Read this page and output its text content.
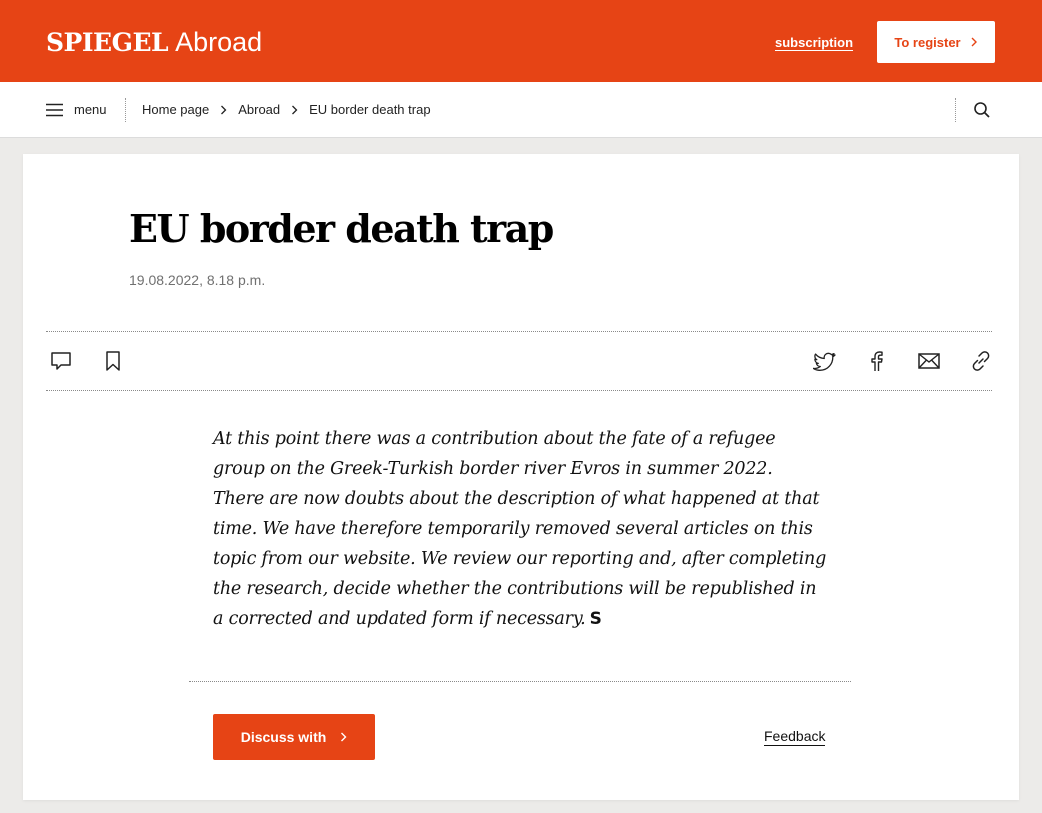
SPIEGEL Abroad	subscription	To register
menu	Home page Abroad EU border death trap
EU border death trap
19.08.2022, 8.18 p.m.

At this point there was a contribution about the fate of a refugee group on the Greek-Turkish border river Evros in summer 2022. There are now doubts about the description of what happened at that time. We have therefore temporarily removed several articles on this topic from our website. We review our reporting and, after completing the research, decide whether the contributions will be republished in a corrected and updated form if necessary. S

Discuss with	Feedback
